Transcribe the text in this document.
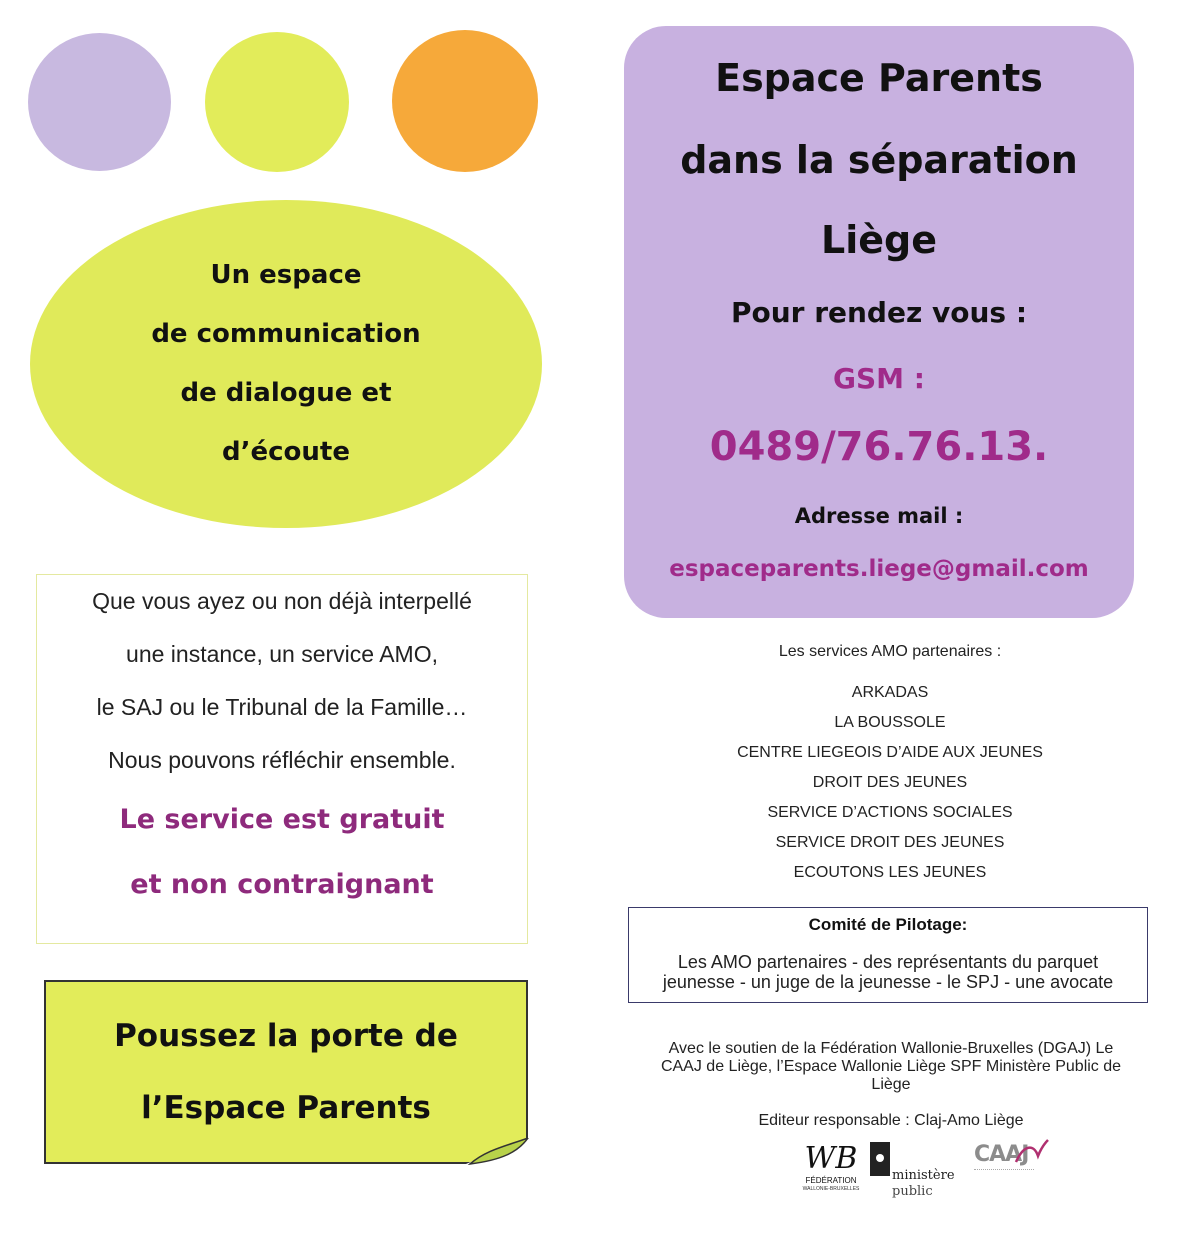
Un espace
de communication
de dialogue et
d’écoute
Que vous ayez ou non déjà interpellé
une instance, un service AMO,
le SAJ ou le Tribunal de la Famille…
Nous pouvons réfléchir ensemble.
Le service est gratuit
et non contraignant
Poussez la porte de
l’Espace Parents
Espace Parents
dans la séparation
Liège
Pour rendez vous :
GSM :
0489/76.76.13.
Adresse mail :
espaceparents.liege@gmail.com
Les services AMO partenaires :
ARKADAS
LA BOUSSOLE
CENTRE LIEGEOIS D’AIDE AUX JEUNES
DROIT DES JEUNES
SERVICE D’ACTIONS SOCIALES
SERVICE DROIT DES JEUNES
ECOUTONS LES JEUNES
Comité de Pilotage:
Les AMO partenaires - des représentants du parquet
jeunesse - un juge de la jeunesse - le SPJ - une avocate
Avec le soutien de la Fédération Wallonie-Bruxelles (DGAJ) Le
CAAJ de Liège, l’Espace Wallonie Liège SPF Ministère Public de
Liège
Editeur responsable : Claj-Amo Liège
WB
FÉDÉRATION
WALLONIE-BRUXELLES
ministère
public
CAAJ
